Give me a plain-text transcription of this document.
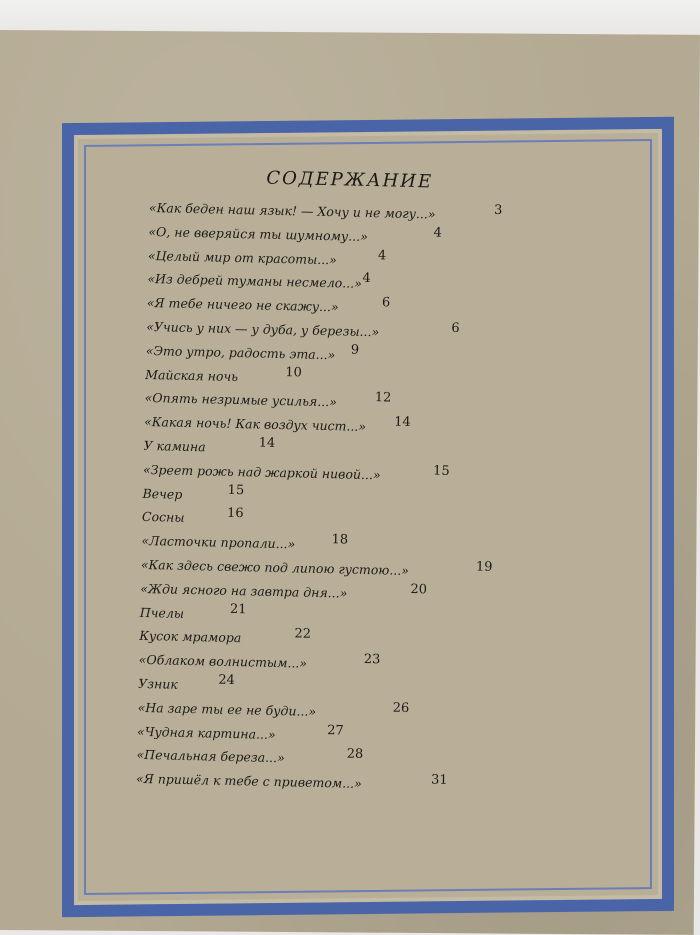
СОДЕРЖАНИЕ
«Как беден наш язык! — Хочу и не могу...»	3
«О, не вверяйся ты шумному...»	4
«Целый мир от красоты...»	4
«Из дебрей туманы несмело...» 4
«Я тебе ничего не скажу...»	6
«Учись у них — у дуба, у березы...»	6
«Это утро, радость эта...» 9
Майская ночь	10
«Опять незримые усилья...»	12
«Какая ночь! Как воздух чист...» 14
У камина	14
«Зреет рожь над жаркой нивой...»	15
Вечер	15
Сосны	16
«Ласточки пропали...»	18
«Как здесь свежо под липою густою...»	19
«Жди ясного на завтра дня...»	20
Пчелы	21
Кусок мрамора	22
«Облаком волнистым...»	23
Узник	24
«На заре ты ее не буди...»	26
«Чудная картина...»	27
«Печальная береза...»	28
«Я пришёл к тебе с приветом...»	31
